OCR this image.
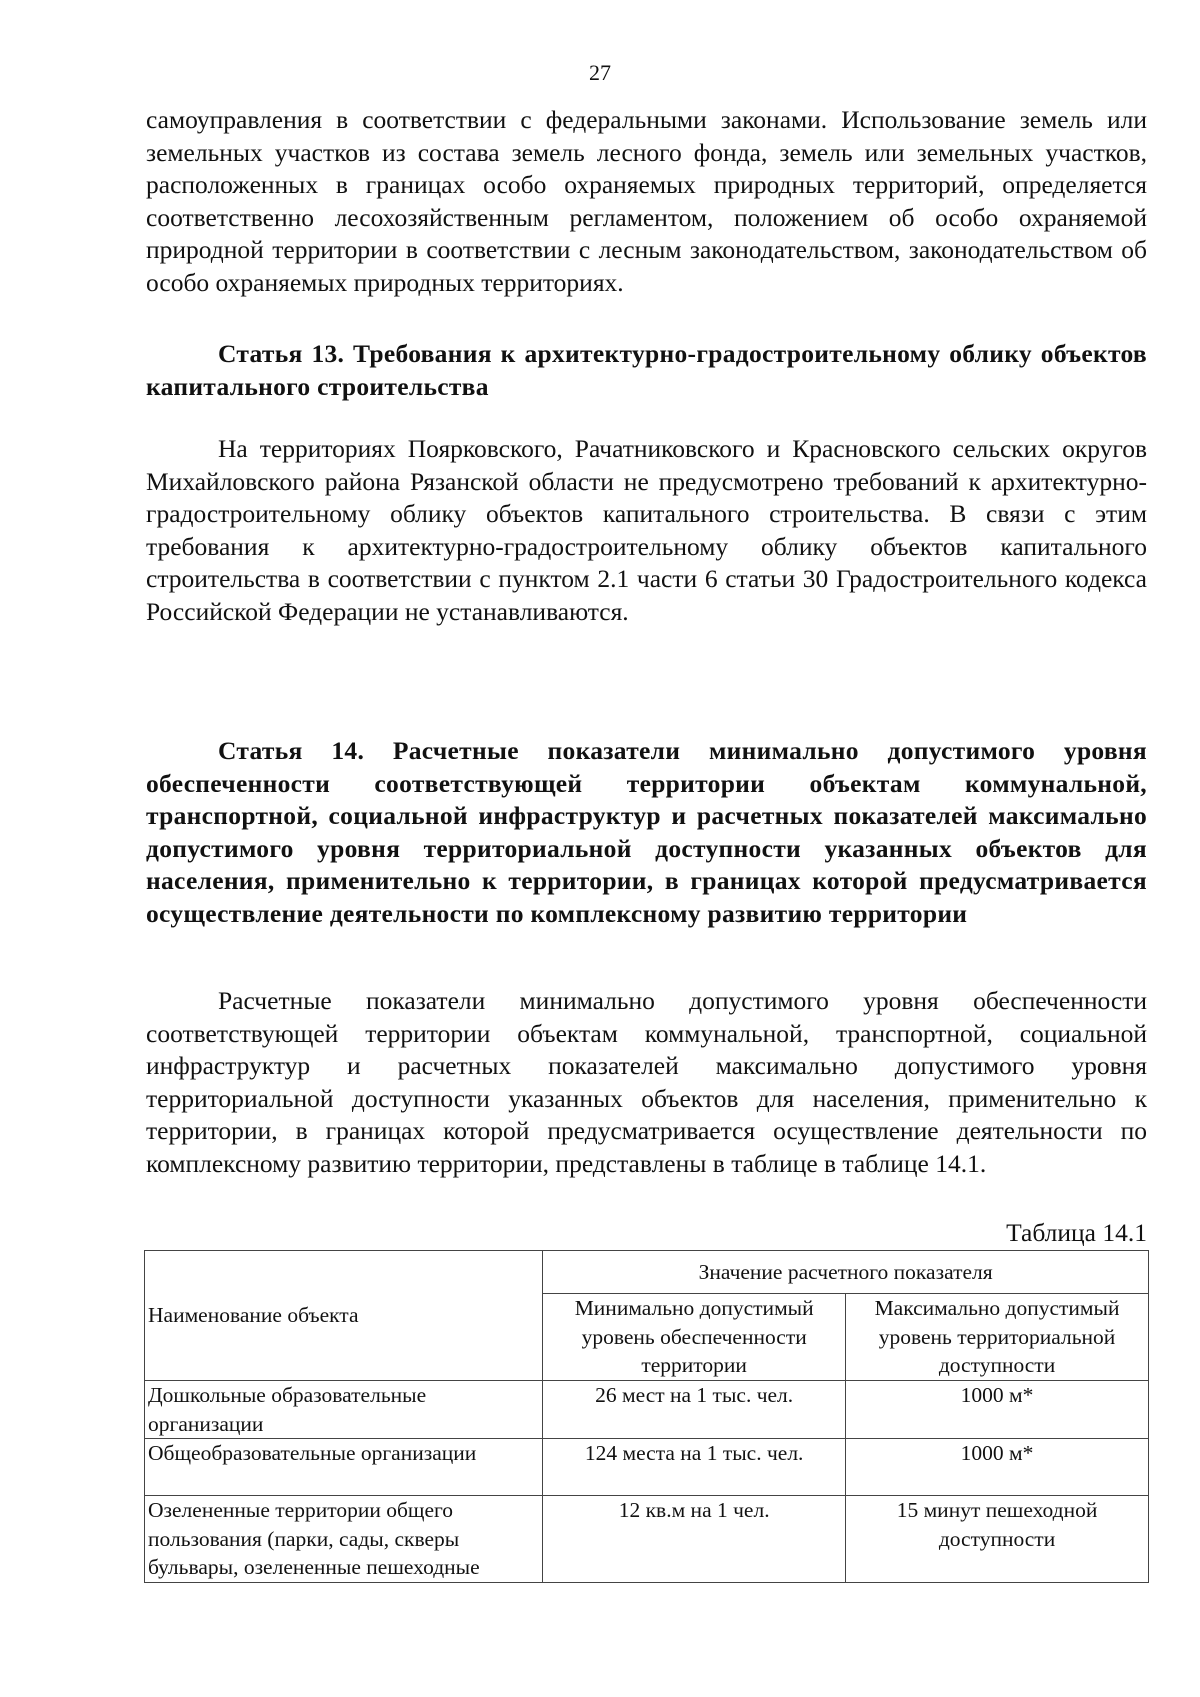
27

самоуправления в соответствии с федеральными законами. Использование земель или земельных участков из состава земель лесного фонда, земель или земельных участков, расположенных в границах особо охраняемых природных территорий, определяется соответственно лесохозяйственным регламентом, положением об особо охраняемой природной территории в соответствии с лесным законодательством, законодательством об особо охраняемых природных территориях.

Статья 13. Требования к архитектурно-градостроительному облику объектов капитального строительства

На территориях Поярковского, Рачатниковского и Красновского сельских округов Михайловского района Рязанской области не предусмотрено требований к архитектурно-градостроительному облику объектов капитального строительства. В связи с этим требования к архитектурно-градостроительному облику объектов капитального строительства в соответствии с пунктом 2.1 части 6 статьи 30 Градостроительного кодекса Российской Федерации не устанавливаются.

Статья 14. Расчетные показатели минимально допустимого уровня обеспеченности соответствующей территории объектам коммунальной, транспортной, социальной инфраструктур и расчетных показателей максимально допустимого уровня территориальной доступности указанных объектов для населения, применительно к территории, в границах которой предусматривается осуществление деятельности по комплексному развитию территории

Расчетные показатели минимально допустимого уровня обеспеченности соответствующей территории объектам коммунальной, транспортной, социальной инфраструктур и расчетных показателей максимально допустимого уровня территориальной доступности указанных объектов для населения, применительно к территории, в границах которой предусматривается осуществление деятельности по комплексному развитию территории, представлены в таблице в таблице 14.1.

Таблица 14.1
Наименование объекта	Значение расчетного показателя	
	Минимально допустимый уровень обеспеченности территории	Максимально допустимый уровень территориальной доступности
Дошкольные образовательные организации	26 мест на 1 тыс. чел.	1000 м*
Общеобразовательные организации	124 места на 1 тыс. чел.	1000 м*
Озелененные территории общего пользования (парки, сады, скверы бульвары, озелененные пешеходные	12 кв.м на 1 чел.	15 минут пешеходной доступности
